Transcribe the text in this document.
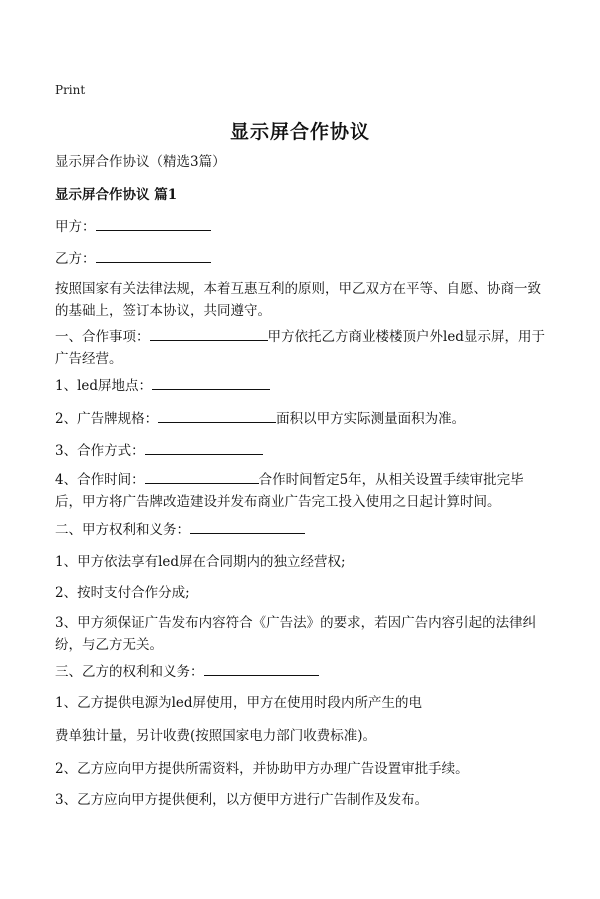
Print
显示屏合作协议
显示屏合作协议（精选3篇）
显示屏合作协议 篇1
甲方：
乙方：
按照国家有关法律法规，本着互惠互利的原则，甲乙双方在平等、自愿、协商一致的基础上，签订本协议，共同遵守。
一、合作事项：	甲方依托乙方商业楼楼顶户外led显示屏，用于广告经营。
1、led屏地点：
2、广告牌规格：	面积以甲方实际测量面积为准。
3、合作方式：
4、合作时间：	合作时间暂定5年，从相关设置手续审批完毕后，甲方将广告牌改造建设并发布商业广告完工投入使用之日起计算时间。
二、甲方权利和义务：
1、甲方依法享有led屏在合同期内的独立经营权;
2、按时支付合作分成;
3、甲方须保证广告发布内容符合《广告法》的要求，若因广告内容引起的法律纠纷，与乙方无关。
三、乙方的权利和义务：
1、乙方提供电源为led屏使用，甲方在使用时段内所产生的电
费单独计量，另计收费(按照国家电力部门收费标准)。
2、乙方应向甲方提供所需资料，并协助甲方办理广告设置审批手续。
3、乙方应向甲方提供便利，以方便甲方进行广告制作及发布。
